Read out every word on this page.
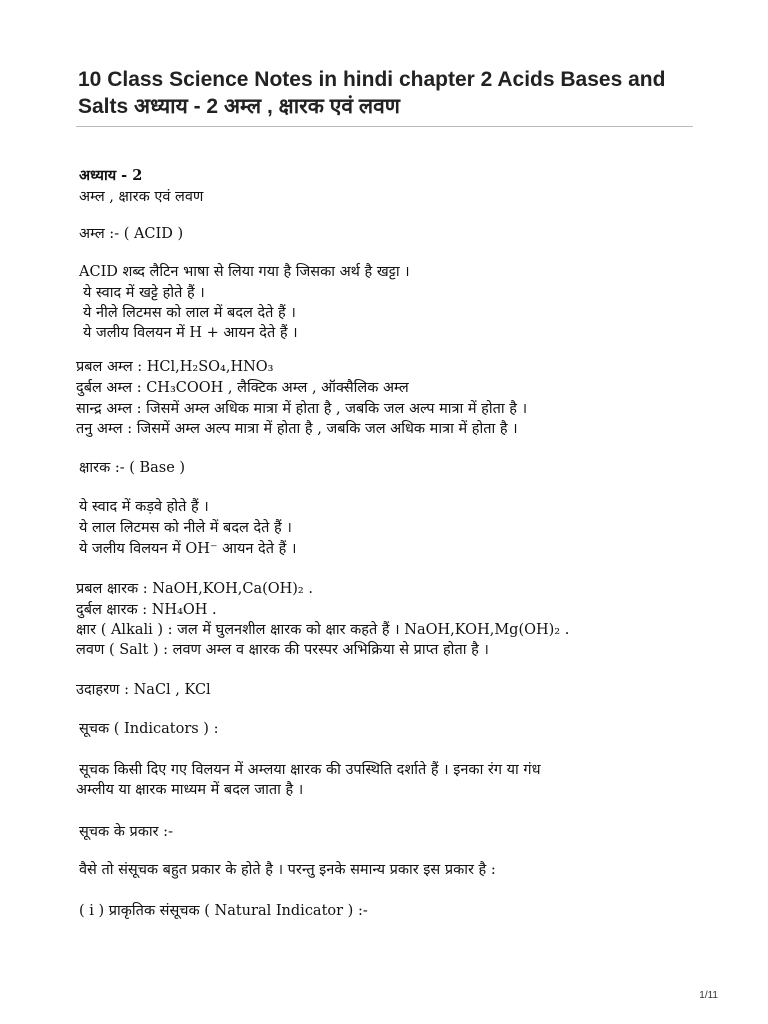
10 Class Science Notes in hindi chapter 2 Acids Bases and Salts अध्याय - 2 अम्ल , क्षारक एवं लवण
अध्याय - 2
अम्ल , क्षारक एवं लवण
अम्ल :- ( ACID )
ACID शब्द लैटिन भाषा से लिया गया है जिसका अर्थ है खट्टा ।
ये स्वाद में खट्टे होते हैं ।
ये नीले लिटमस को लाल में बदल देते हैं ।
ये जलीय विलयन में H + आयन देते हैं ।
प्रबल अम्ल : HCl,H₂SO₄,HNO₃
दुर्बल अम्ल : CH₃COOH , लैक्टिक अम्ल , ऑक्सैलिक अम्ल
सान्द्र अम्ल : जिसमें अम्ल अधिक मात्रा में होता है , जबकि जल अल्प मात्रा में होता है ।
तनु अम्ल : जिसमें अम्ल अल्प मात्रा में होता है , जबकि जल अधिक मात्रा में होता है ।
क्षारक :- ( Base )
ये स्वाद में कड़वे होते हैं ।
ये लाल लिटमस को नीले में बदल देते हैं ।
ये जलीय विलयन में OH⁻ आयन देते हैं ।
प्रबल क्षारक : NaOH,KOH,Ca(OH)₂ .
दुर्बल क्षारक : NH₄OH .
क्षार ( Alkali ) : जल में घुलनशील क्षारक को क्षार कहते हैं । NaOH,KOH,Mg(OH)₂ .
लवण ( Salt ) : लवण अम्ल व क्षारक की परस्पर अभिक्रिया से प्राप्त होता है ।
उदाहरण : NaCl , KCl
सूचक ( Indicators ) :
सूचक किसी दिए गए विलयन में अम्लया क्षारक की उपस्थिति दर्शाते हैं । इनका रंग या गंध
अम्लीय या क्षारक माध्यम में बदल जाता है ।
सूचक के प्रकार :-
वैसे तो संसूचक बहुत प्रकार के होते है । परन्तु इनके समान्य प्रकार इस प्रकार है :
( i ) प्राकृतिक संसूचक ( Natural Indicator ) :-
1/11
